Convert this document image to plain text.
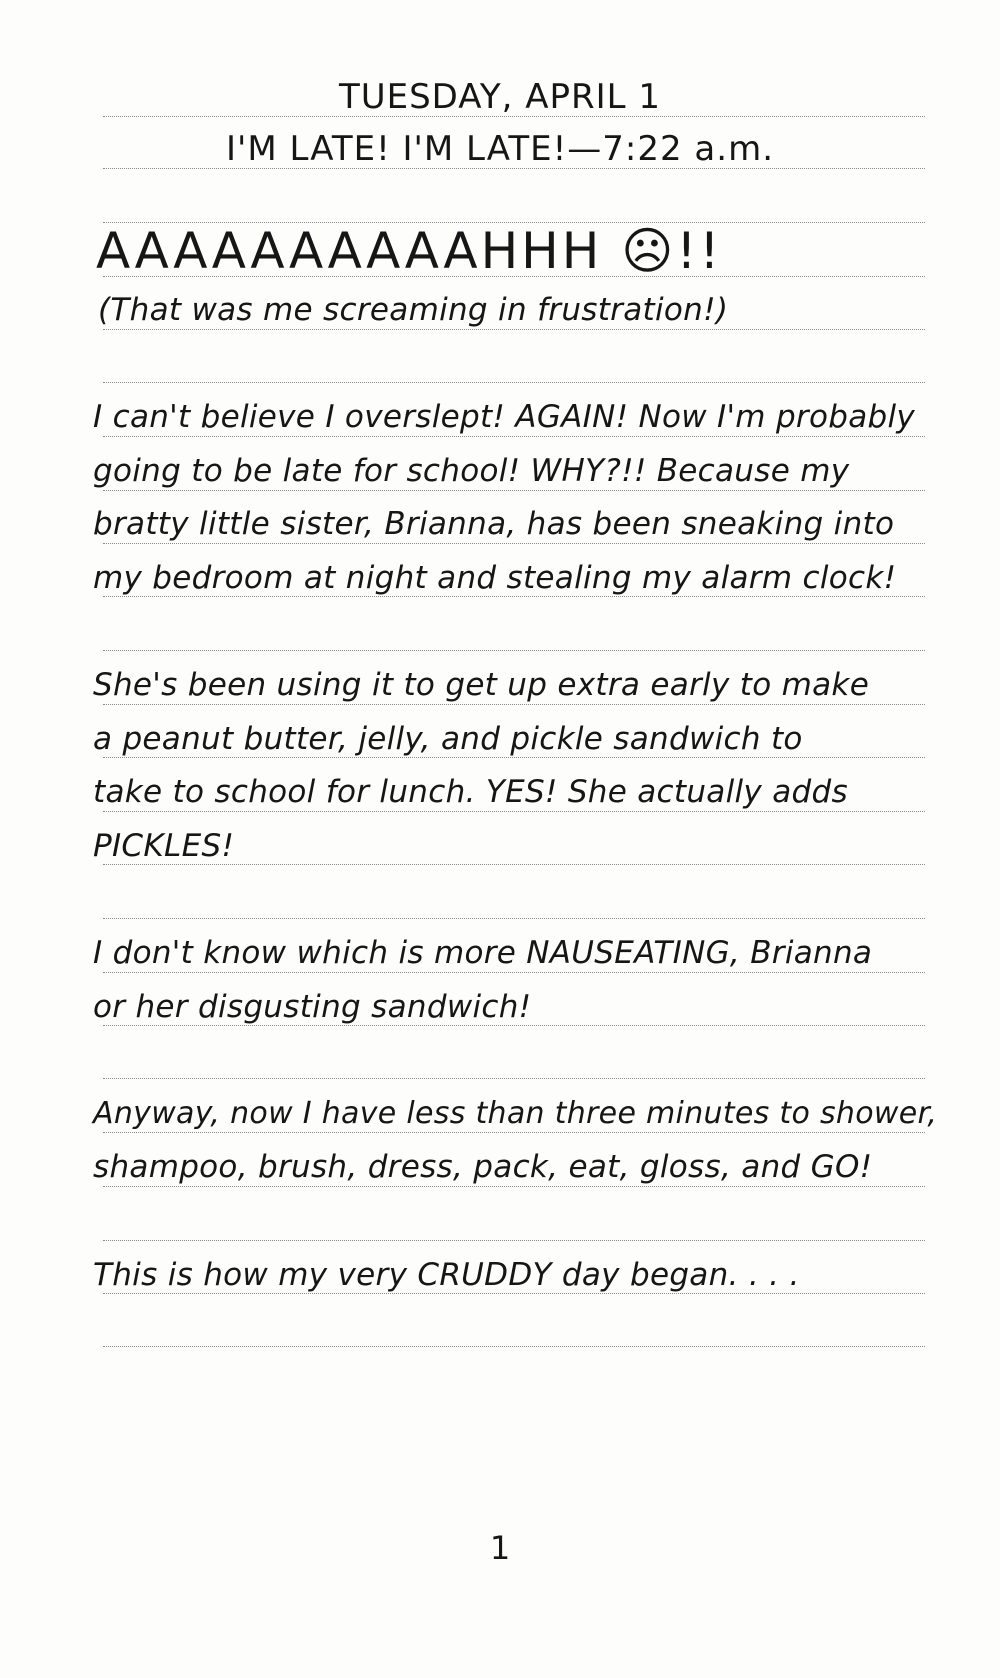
TUESDAY, APRIL 1
I'M LATE! I'M LATE!—7:22 a.m.
AAAAAAAAAAHHH ☹!!
(That was me screaming in frustration!)
I can't believe I overslept! AGAIN! Now I'm probably
going to be late for school! WHY?!! Because my
bratty little sister, Brianna, has been sneaking into
my bedroom at night and stealing my alarm clock!
She's been using it to get up extra early to make
a peanut butter, jelly, and pickle sandwich to
take to school for lunch. YES! She actually adds
PICKLES!
I don't know which is more NAUSEATING, Brianna
or her disgusting sandwich!
Anyway, now I have less than three minutes to shower,
shampoo, brush, dress, pack, eat, gloss, and GO!
This is how my very CRUDDY day began. . . .
1
